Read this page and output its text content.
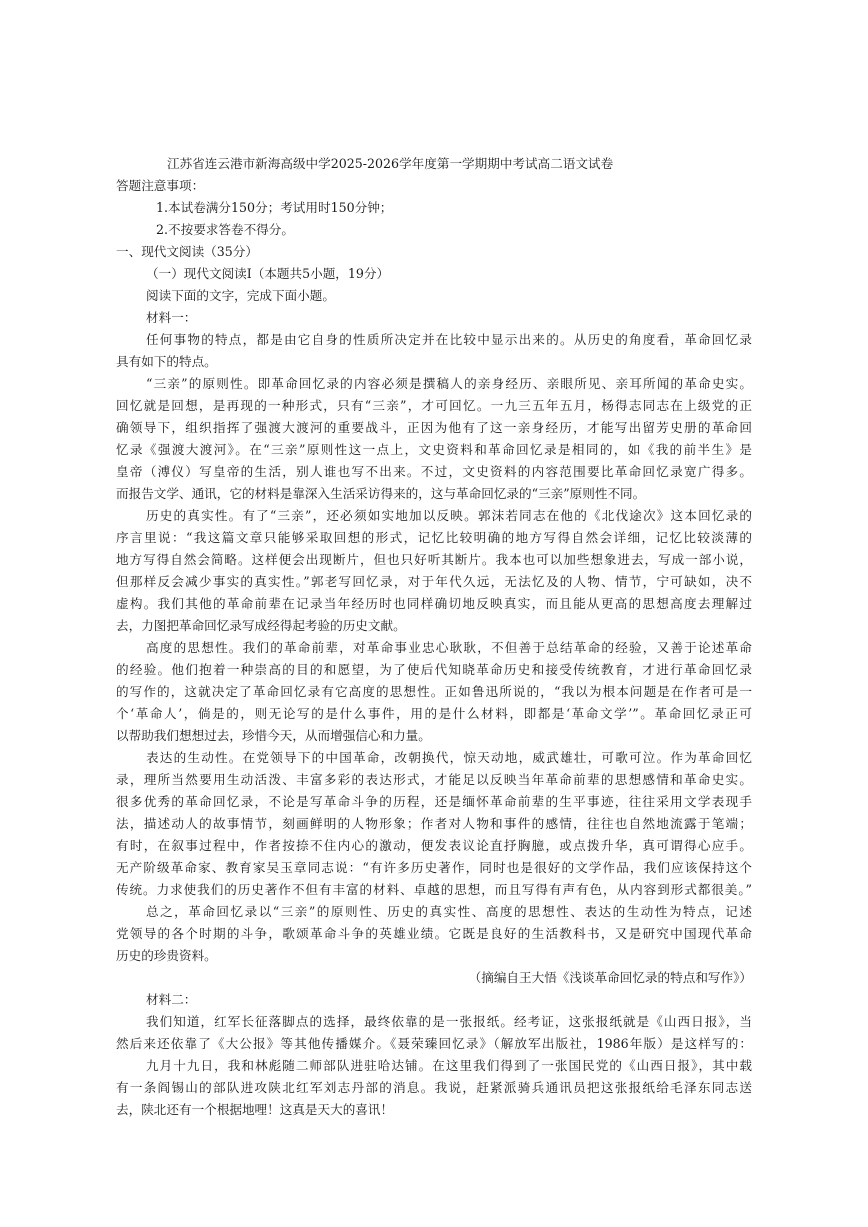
江苏省连云港市新海高级中学2025-2026学年度第一学期期中考试高二语文试卷
答题注意事项：
1.本试卷满分150分；考试用时150分钟；
2.不按要求答卷不得分。
一、现代文阅读（35分）
（一）现代文阅读Ⅰ（本题共5小题，19分）
阅读下面的文字，完成下面小题。
材料一：
任何事物的特点，都是由它自身的性质所决定并在比较中显示出来的。从历史的角度看，革命回忆录
具有如下的特点。
“三亲”的原则性。即革命回忆录的内容必须是撰稿人的亲身经历、亲眼所见、亲耳所闻的革命史实。
回忆就是回想，是再现的一种形式，只有“三亲”，才可回忆。一九三五年五月，杨得志同志在上级党的正
确领导下，组织指挥了强渡大渡河的重要战斗，正因为他有了这一亲身经历，才能写出留芳史册的革命回
忆录《强渡大渡河》。在“三亲”原则性这一点上，文史资料和革命回忆录是相同的，如《我的前半生》是
皇帝（溥仪）写皇帝的生活，别人谁也写不出来。不过，文史资料的内容范围要比革命回忆录宽广得多。
而报告文学、通讯，它的材料是靠深入生活采访得来的，这与革命回忆录的“三亲”原则性不同。
历史的真实性。有了“三亲”，还必须如实地加以反映。郭沫若同志在他的《北伐途次》这本回忆录的
序言里说：“我这篇文章只能够采取回想的形式，记忆比较明确的地方写得自然会详细，记忆比较淡薄的
地方写得自然会简略。这样便会出现断片，但也只好听其断片。我本也可以加些想象进去，写成一部小说，
但那样反会减少事实的真实性。”郭老写回忆录，对于年代久远，无法忆及的人物、情节，宁可缺如，决不
虚构。我们其他的革命前辈在记录当年经历时也同样确切地反映真实，而且能从更高的思想高度去理解过
去，力图把革命回忆录写成经得起考验的历史文献。
高度的思想性。我们的革命前辈，对革命事业忠心耿耿，不但善于总结革命的经验，又善于论述革命
的经验。他们抱着一种崇高的目的和愿望，为了使后代知晓革命历史和接受传统教育，才进行革命回忆录
的写作的，这就决定了革命回忆录有它高度的思想性。正如鲁迅所说的，“我以为根本问题是在作者可是一
个‘革命人’，倘是的，则无论写的是什么事件，用的是什么材料，即都是‘革命文学’”。革命回忆录正可
以帮助我们想想过去，珍惜今天，从而增强信心和力量。
表达的生动性。在党领导下的中国革命，改朝换代，惊天动地，威武雄壮，可歌可泣。作为革命回忆
录，理所当然要用生动活泼、丰富多彩的表达形式，才能足以反映当年革命前辈的思想感情和革命史实。
很多优秀的革命回忆录，不论是写革命斗争的历程，还是缅怀革命前辈的生平事迹，往往采用文学表现手
法，描述动人的故事情节，刻画鲜明的人物形象；作者对人物和事件的感情，往往也自然地流露于笔端；
有时，在叙事过程中，作者按捺不住内心的激动，便发表议论直抒胸臆，或点拨升华，真可谓得心应手。
无产阶级革命家、教育家吴玉章同志说：“有许多历史著作，同时也是很好的文学作品，我们应该保持这个
传统。力求使我们的历史著作不但有丰富的材料、卓越的思想，而且写得有声有色，从内容到形式都很美。”
总之，革命回忆录以“三亲”的原则性、历史的真实性、高度的思想性、表达的生动性为特点，记述
党领导的各个时期的斗争，歌颂革命斗争的英雄业绩。它既是良好的生活教科书，又是研究中国现代革命
历史的珍贵资料。
（摘编自王大悟《浅谈革命回忆录的特点和写作》）
材料二：
我们知道，红军长征落脚点的选择，最终依靠的是一张报纸。经考证，这张报纸就是《山西日报》，当
然后来还依靠了《大公报》等其他传播媒介。《聂荣臻回忆录》（解放军出版社，1986年版）是这样写的：
九月十九日，我和林彪随二师部队进驻哈达铺。在这里我们得到了一张国民党的《山西日报》，其中载
有一条阎锡山的部队进攻陕北红军刘志丹部的消息。我说，赶紧派骑兵通讯员把这张报纸给毛泽东同志送
去，陕北还有一个根据地哩！这真是天大的喜讯！
